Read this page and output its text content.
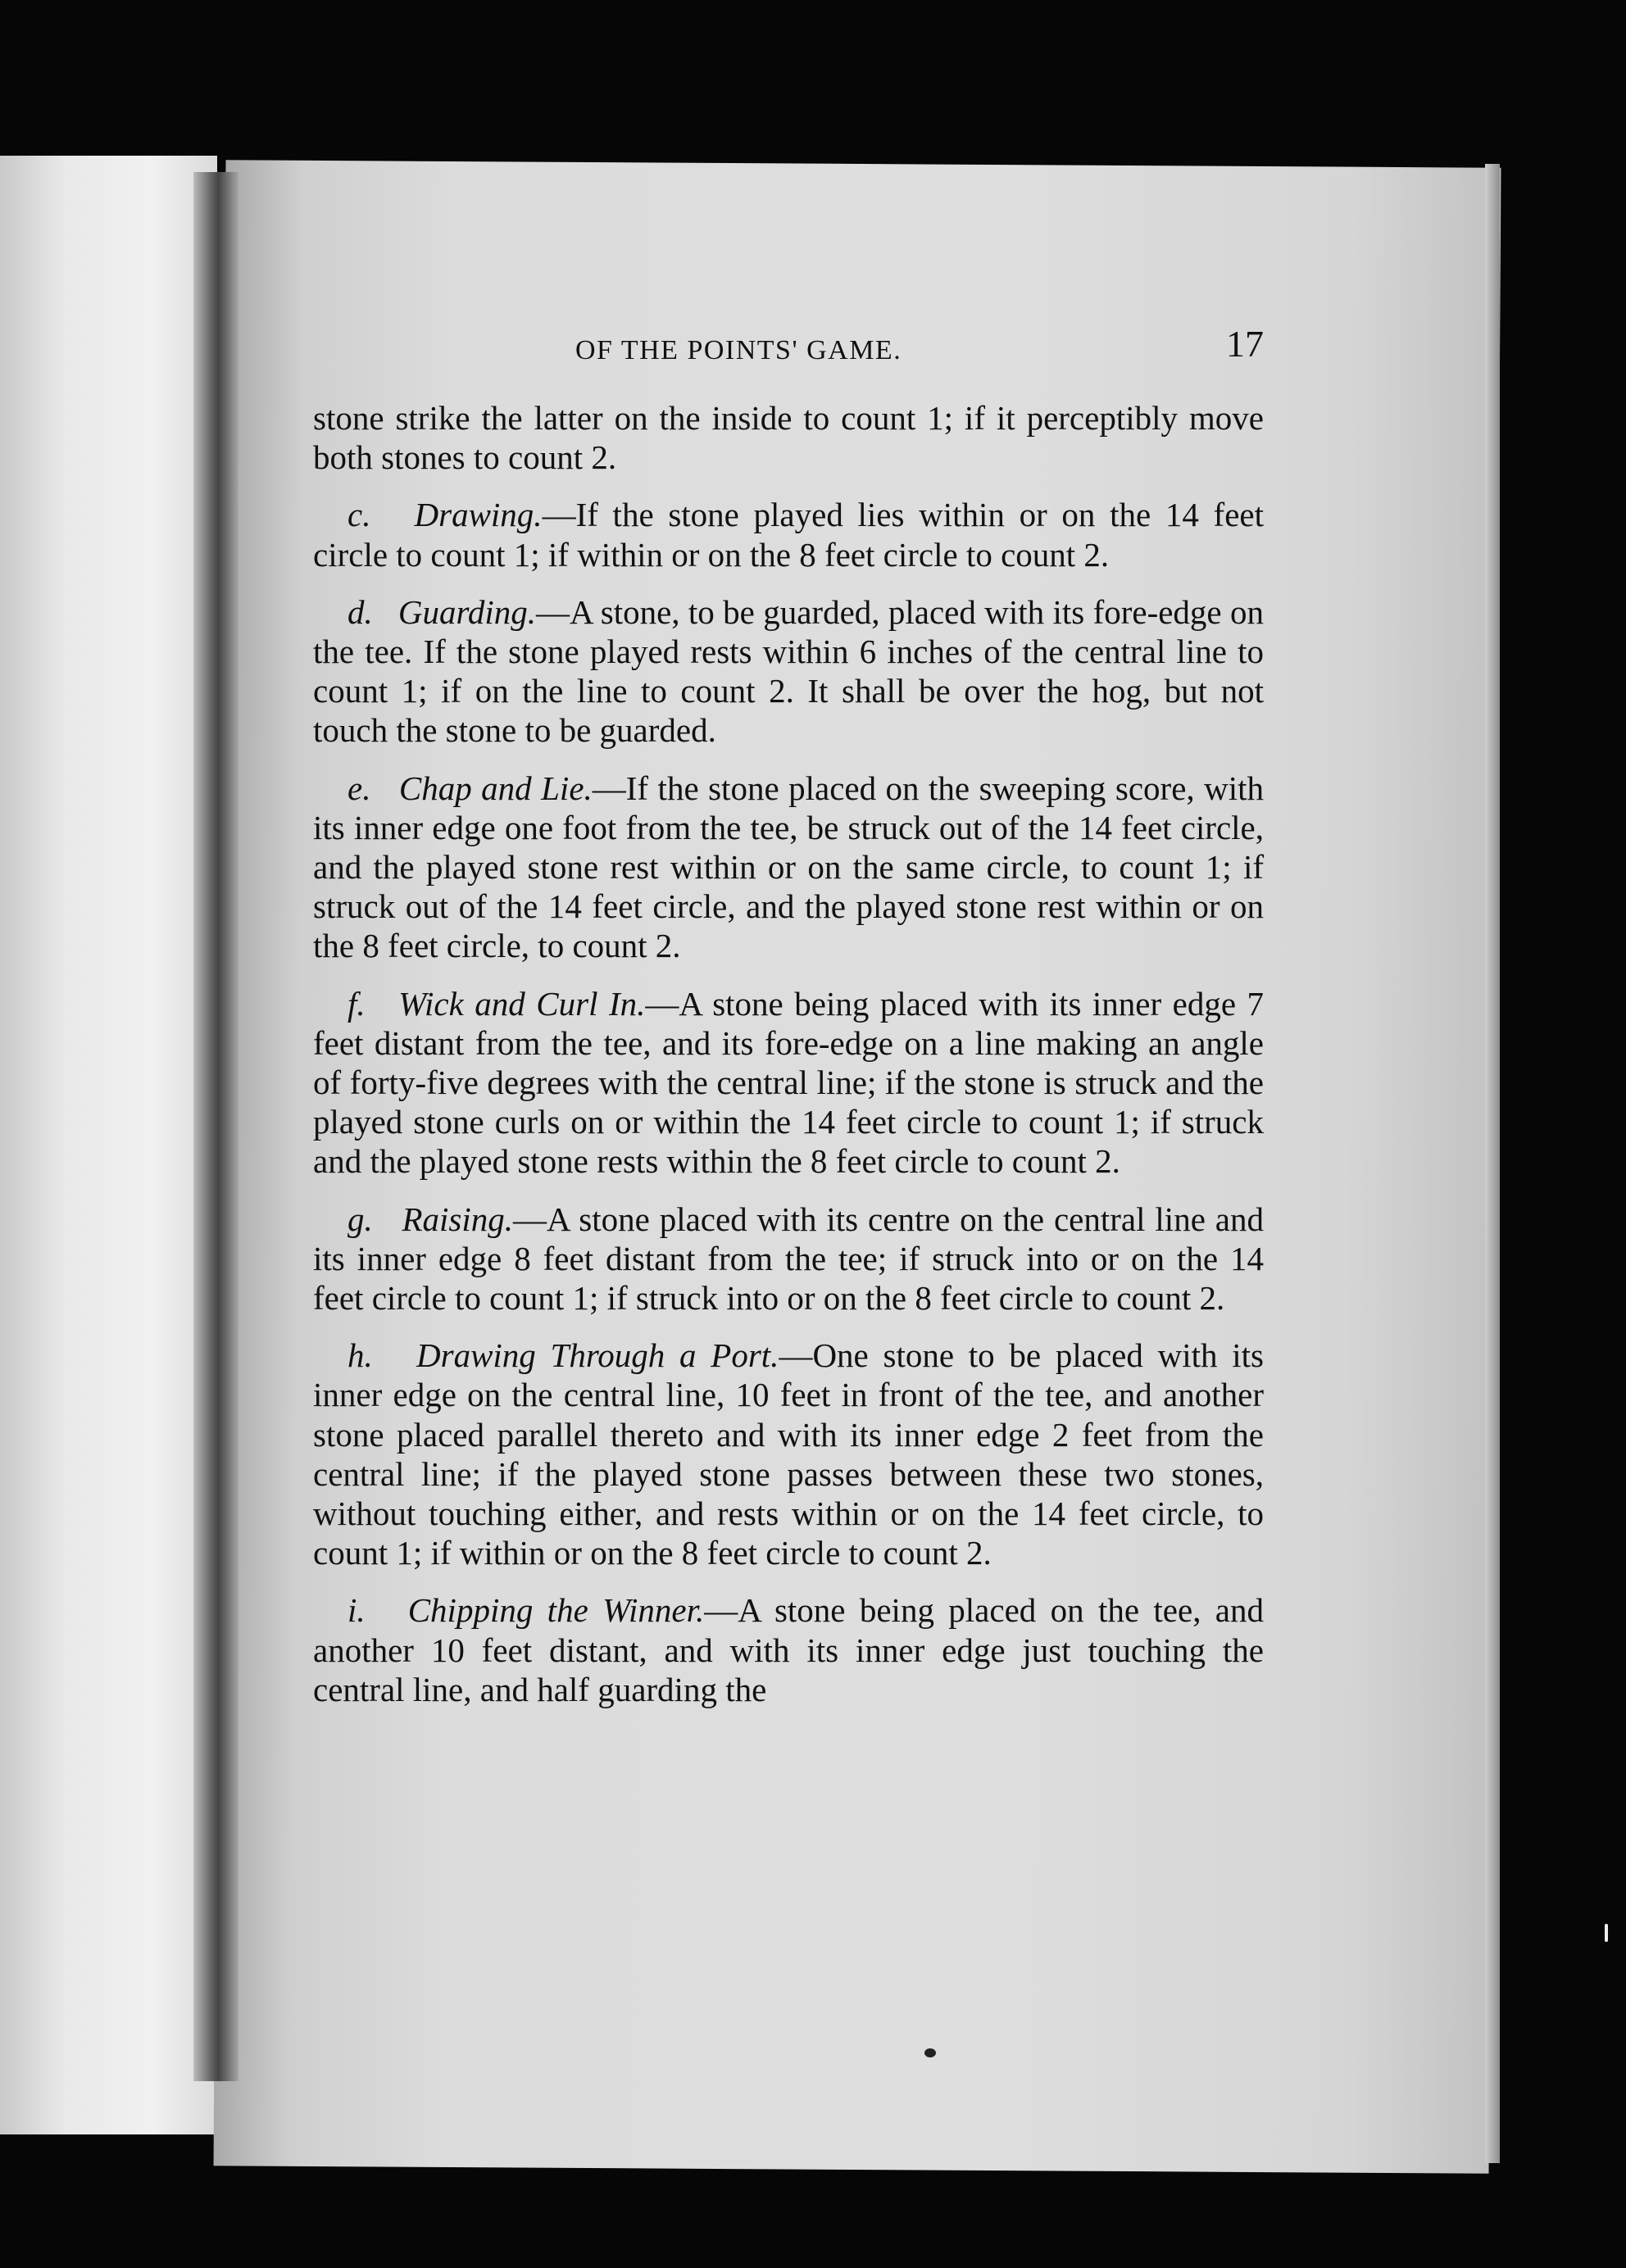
OF THE POINTS' GAME.	17

stone strike the latter on the inside to count 1; if it perceptibly move both stones to count 2.

c. Drawing.—If the stone played lies within or on the 14 feet circle to count 1; if within or on the 8 feet circle to count 2.

d. Guarding.—A stone, to be guarded, placed with its fore-edge on the tee. If the stone played rests within 6 inches of the central line to count 1; if on the line to count 2. It shall be over the hog, but not touch the stone to be guarded.

e. Chap and Lie.—If the stone placed on the sweeping score, with its inner edge one foot from the tee, be struck out of the 14 feet circle, and the played stone rest within or on the same circle, to count 1; if struck out of the 14 feet circle, and the played stone rest within or on the 8 feet circle, to count 2.

f. Wick and Curl In.—A stone being placed with its inner edge 7 feet distant from the tee, and its fore-edge on a line making an angle of forty-five degrees with the central line; if the stone is struck and the played stone curls on or within the 14 feet circle to count 1; if struck and the played stone rests within the 8 feet circle to count 2.

g. Raising.—A stone placed with its centre on the central line and its inner edge 8 feet distant from the tee; if struck into or on the 14 feet circle to count 1; if struck into or on the 8 feet circle to count 2.

h. Drawing Through a Port.—One stone to be placed with its inner edge on the central line, 10 feet in front of the tee, and another stone placed parallel thereto and with its inner edge 2 feet from the central line; if the played stone passes between these two stones, without touching either, and rests within or on the 14 feet circle, to count 1; if within or on the 8 feet circle to count 2.

i. Chipping the Winner.—A stone being placed on the tee, and another 10 feet distant, and with its inner edge just touching the central line, and half guarding the
